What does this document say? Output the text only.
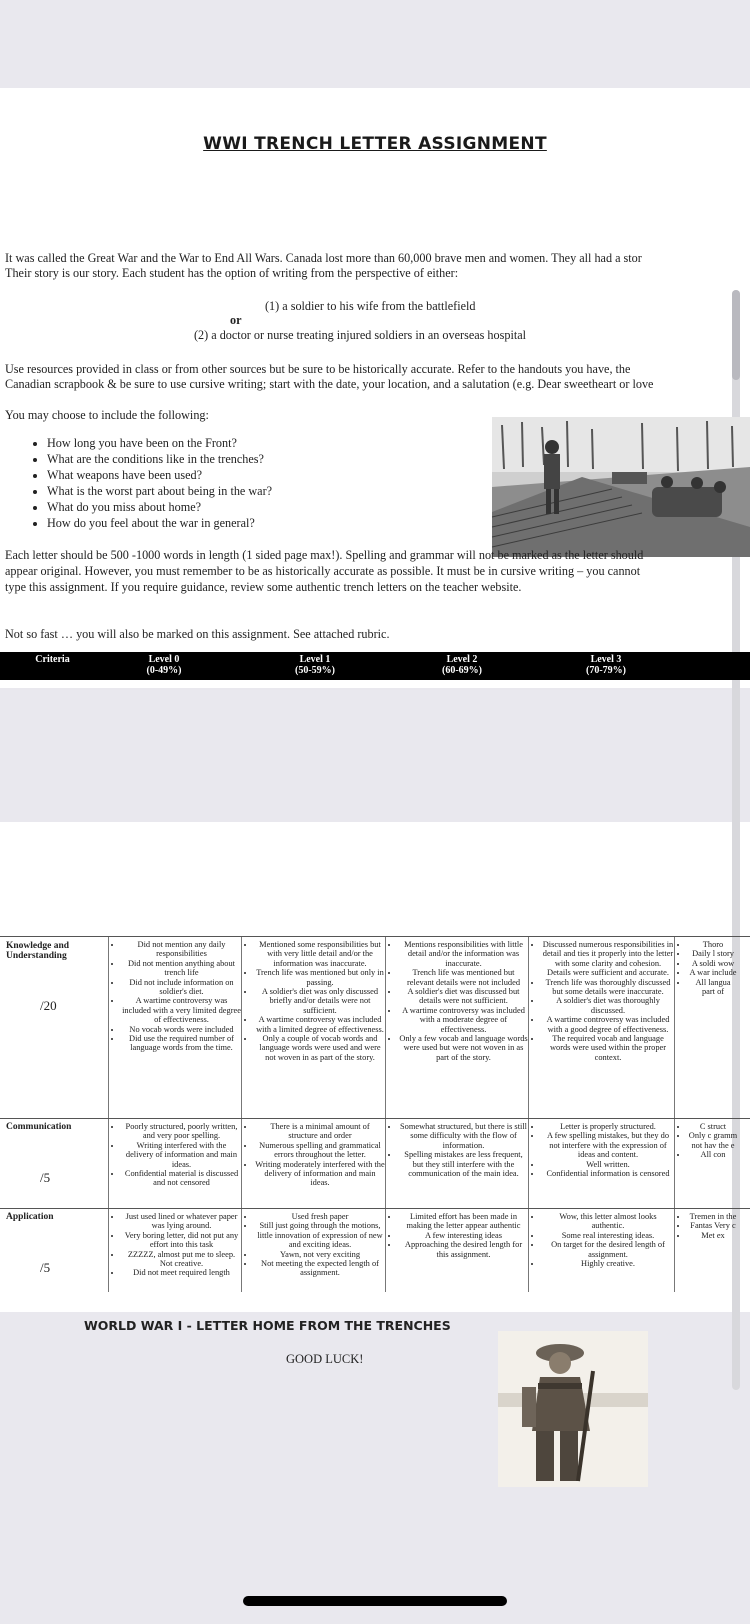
WWI TRENCH LETTER ASSIGNMENT
It was called the Great War and the War to End All Wars. Canada lost more than 60,000 brave men and women. They all had a stor
Their story is our story. Each student has the option of writing from the perspective of either:
(1) a soldier to his wife from the battlefield
or
(2) a doctor or nurse treating injured soldiers in an overseas hospital
Use resources provided in class or from other sources but be sure to be historically accurate. Refer to the handouts you have, the
Canadian scrapbook & be sure to use cursive writing; start with the date, your location, and a salutation (e.g. Dear sweetheart or love
You may choose to include the following:
• How long you have been on the Front?
• What are the conditions like in the trenches?
• What weapons have been used?
• What is the worst part about being in the war?
• What do you miss about home?
• How do you feel about the war in general?
Each letter should be 500 -1000 words in length (1 sided page max!). Spelling and grammar will not be marked as the letter should
appear original. However, you must remember to be as historically accurate as possible. It must be in cursive writing – you cannot
type this assignment. If you require guidance, review some authentic trench letters on the teacher website.
Not so fast … you will also be marked on this assignment. See attached rubric.
Criteria	Level 0
(0-49%)
Level 1
(50-59%)
Level 2
(60-69%)
Level 3
(70-79%)
Knowledge and Understanding
/20
• Did not mention any daily responsibilities
• Did not mention anything about trench life
• Did not include information on soldier's diet.
• A wartime controversy was included with a very limited degree of effectiveness.
• No vocab words were included
• Did use the required number of language words from the time.
• Mentioned some responsibilities but with very little detail and/or the information was inaccurate.
• Trench life was mentioned but only in passing.
• A soldier's diet was only discussed briefly and/or details were not sufficient.
• A wartime controversy was included with a limited degree of effectiveness.
• Only a couple of vocab words and language words were used and were not woven in as part of the story.
• Mentions responsibilities with little detail and/or the information was inaccurate.
• Trench life was mentioned but relevant details were not included
• A soldier's diet was discussed but details were not sufficient.
• A wartime controversy was included with a moderate degree of effectiveness.
• Only a few vocab and language words were used but were not woven in as part of the story.
• Discussed numerous responsibilities in detail and ties it properly into the letter with some clarity and cohesion. Details were sufficient and accurate.
• Trench life was thoroughly discussed but some details were inaccurate.
• A soldier's diet was thoroughly discussed.
• A wartime controversy was included with a good degree of effectiveness.
• The required vocab and language words were used within the proper context.
• Thoro
• Daily l story
• A soldi wow
• A war include
• All langua part of
Communication
/5
• Poorly structured, poorly written, and very poor spelling.
• Writing interfered with the delivery of information and main ideas.
• Confidential material is discussed and not censored
• There is a minimal amount of structure and order
• Numerous spelling and grammatical errors throughout the letter.
• Writing moderately interfered with the delivery of information and main ideas.
• Somewhat structured, but there is still some difficulty with the flow of information.
• Spelling mistakes are less frequent, but they still interfere with the communication of the main idea.
• Letter is properly structured.
• A few spelling mistakes, but they do not interfere with the expression of ideas and content.
• Well written.
• Confidential information is censored
• C struct
• Only c gramm not hav the e
• All con
Application
/5
• Just used lined or whatever paper was lying around.
• Very boring letter, did not put any effort into this task
• ZZZZZ, almost put me to sleep. Not creative.
• Did not meet required length
• Used fresh paper
• Still just going through the motions, little innovation of expression of new and exciting ideas.
• Yawn, not very exciting
• Not meeting the expected length of assignment.
• Limited effort has been made in making the letter appear authentic
• A few interesting ideas
• Approaching the desired length for this assignment.
• Wow, this letter almost looks authentic.
• Some real interesting ideas.
• On target for the desired length of assignment.
• Highly creative.
• Tremen in the
• Fantas Very c
• Met ex
WORLD WAR I - LETTER HOME FROM THE TRENCHES
GOOD LUCK!
